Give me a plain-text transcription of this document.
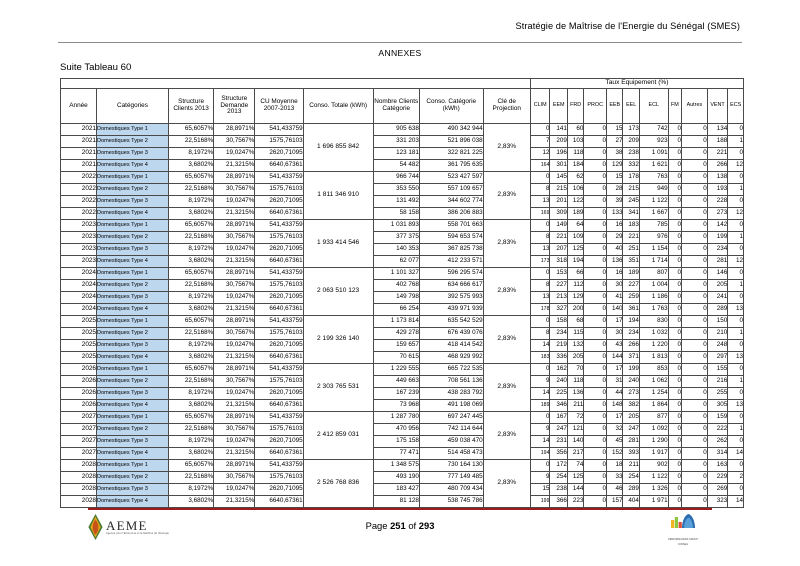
Stratégie de Maîtrise de l'Energie du Sénégal (SMES)
ANNEXES
Suite Tableau 60
									Taux Equipement (%)										
Année	Catégories	Structure Clients 2013	Structure Demande 2013	CU Moyenne 2007-2013	Conso. Totale (kWh)	Nombre Clients Catégorie	Conso. Catégorie (kWh)	Clé de Projection	CLIM	EEM	FRD	PROC	EEB	EEL	ECL	FM	Autres	VENT	ECS
2021	Domestiques Type 1	65,6057%	28,8971%	541,433759	1 696 855 842	905 638	490 342 944	2,83%	0	141	60	0	15	173	742	0	0	134	0
2021	Domestiques Type 2	22,5168%	30,7567%	1575,76103		331 203	521 896 038		7	209	103	0	27	209	923	0	0	188	1
2021	Domestiques Type 3	8,1972%	19,0247%	2620,71095		123 181	322 821 225		12	196	118	0	38	238	1 091	0	0	221	0
2021	Domestiques Type 4	3,6802%	21,3215%	6640,67361		54 482	361 795 635		164	301	184	0	129	332	1 621	0	0	266	12
2022	Domestiques Type 1	65,6057%	28,8971%	541,433759	1 811 346 910	966 744	523 427 597	2,83%	0	145	62	0	15	178	763	0	0	138	0
2022	Domestiques Type 2	22,5168%	30,7567%	1575,76103		353 550	557 109 657		8	215	106	0	28	215	949	0	0	193	1
2022	Domestiques Type 3	8,1972%	19,0247%	2620,71095		131 492	344 602 774		13	201	122	0	39	245	1 122	0	0	228	0
2022	Domestiques Type 4	3,6802%	21,3215%	6640,67361		58 158	386 206 883		169	309	189	0	133	341	1 667	0	0	273	12
2023	Domestiques Type 1	65,6057%	28,8971%	541,433759	1 933 414 546	1 031 893	558 701 663	2,83%	0	149	64	0	16	183	785	0	0	142	0
2023	Domestiques Type 2	22,5168%	30,7567%	1575,76103		377 375	594 653 574		8	221	109	0	29	221	976	0	0	199	1
2023	Domestiques Type 3	8,1972%	19,0247%	2620,71095		140 353	367 825 738		13	207	125	0	40	251	1 154	0	0	234	0
2023	Domestiques Type 4	3,6802%	21,3215%	6640,67361		62 077	412 233 571		173	318	194	0	136	351	1 714	0	0	281	12
2024	Domestiques Type 1	65,6057%	28,8971%	541,433759	2 063 510 123	1 101 327	596 295 574	2,83%	0	153	66	0	16	189	807	0	0	146	0
2024	Domestiques Type 2	22,5168%	30,7567%	1575,76103		402 768	634 666 617		8	227	112	0	30	227	1 004	0	0	205	1
2024	Domestiques Type 3	8,1972%	19,0247%	2620,71095		149 798	392 575 993		13	213	129	0	41	259	1 186	0	0	241	0
2024	Domestiques Type 4	3,6802%	21,3215%	6640,67361		66 254	439 971 939		178	327	200	0	140	361	1 763	0	0	289	13
2025	Domestiques Type 1	65,6057%	28,8971%	541,433759	2 199 326 140	1 173 814	635 542 529	2,83%	0	158	68	0	17	194	830	0	0	150	0
2025	Domestiques Type 2	22,5168%	30,7567%	1575,76103		429 278	676 439 076		8	234	115	0	30	234	1 032	0	0	210	1
2025	Domestiques Type 3	8,1972%	19,0247%	2620,71095		159 657	418 414 542		14	219	132	0	43	266	1 220	0	0	248	0
2025	Domestiques Type 4	3,6802%	21,3215%	6640,67361		70 615	468 929 992		183	336	205	0	144	371	1 813	0	0	297	13
2026	Domestiques Type 1	65,6057%	28,8971%	541,433759	2 303 765 531	1 229 555	665 722 535	2,83%	0	162	70	0	17	199	853	0	0	155	0
2026	Domestiques Type 2	22,5168%	30,7567%	1575,76103		449 663	708 561 136		9	240	118	0	31	240	1 062	0	0	216	1
2026	Domestiques Type 3	8,1972%	19,0247%	2620,71095		167 239	438 283 792		14	225	136	0	44	273	1 254	0	0	255	0
2026	Domestiques Type 4	3,6802%	21,3215%	6640,67361		73 968	491 198 069		189	346	211	0	148	382	1 864	0	0	305	13
2027	Domestiques Type 1	65,6057%	28,8971%	541,433759	2 412 859 031	1 287 780	697 247 445	2,83%	0	167	72	0	17	205	877	0	0	159	0
2027	Domestiques Type 2	22,5168%	30,7567%	1575,76103		470 956	742 114 644		9	247	121	0	32	247	1 092	0	0	222	1
2027	Domestiques Type 3	8,1972%	19,0247%	2620,71095		175 158	459 038 470		14	231	140	0	45	281	1 290	0	0	262	0
2027	Domestiques Type 4	3,6802%	21,3215%	6640,67361		77 471	514 458 473		194	356	217	0	152	393	1 917	0	0	314	14
2028	Domestiques Type 1	65,6057%	28,8971%	541,433759	2 526 768 836	1 348 575	730 164 130	2,83%	0	172	74	0	18	211	902	0	0	163	0
2028	Domestiques Type 2	22,5168%	30,7567%	1575,76103		493 190	777 149 485		9	254	125	0	33	254	1 122	0	0	229	2
2028	Domestiques Type 3	8,1972%	19,0247%	2620,71095		183 427	480 709 434		15	238	144	0	46	289	1 326	0	0	269	0
2028	Domestiques Type 4	3,6802%	21,3215%	6640,67361		81 128	538 745 786		199	366	223	0	157	404	1 971	0	0	323	14
AEME
Agence pour l'Economie et la Maîtrise de l'Energie
Page 251 of 293
PERFORMANCES GROUP
CONSEIL
